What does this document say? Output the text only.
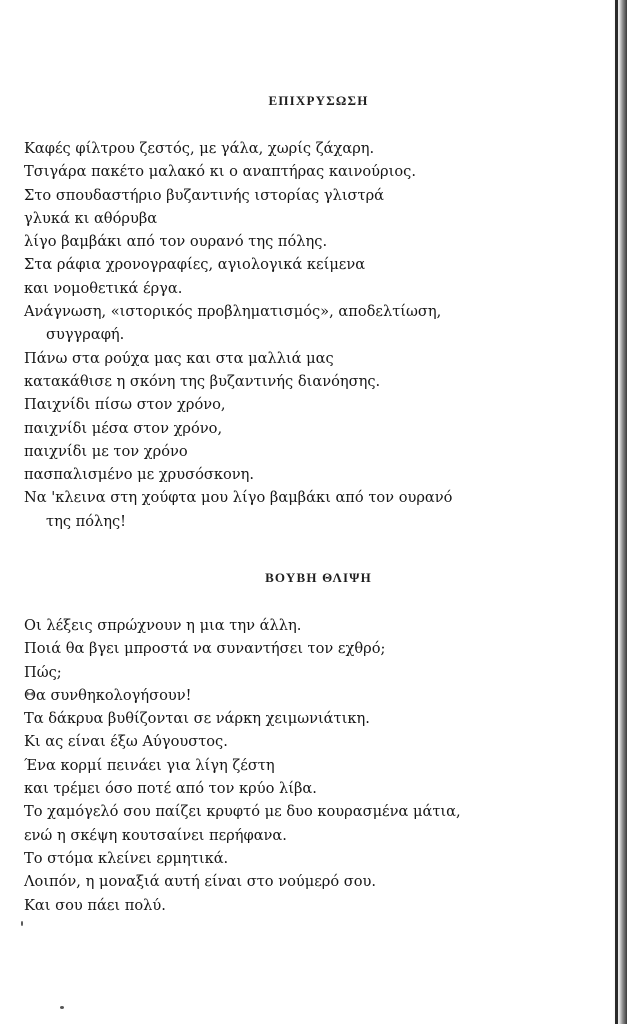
ΕΠΙΧΡΥΣΩΣΗ
Καφές φίλτρου ζεστός, με γάλα, χωρίς ζάχαρη.
Τσιγάρα πακέτο μαλακό κι ο αναπτήρας καινούριος.
Στο σπουδαστήριο βυζαντινής ιστορίας γλιστρά
γλυκά κι αθόρυβα
λίγο βαμβάκι από τον ουρανό της πόλης.
Στα ράφια χρονογραφίες, αγιολογικά κείμενα
και νομοθετικά έργα.
Ανάγνωση, «ιστορικός προβληματισμός», αποδελτίωση,
συγγραφή.
Πάνω στα ρούχα μας και στα μαλλιά μας
κατακάθισε η σκόνη της βυζαντινής διανόησης.
Παιχνίδι πίσω στον χρόνο,
παιχνίδι μέσα στον χρόνο,
παιχνίδι με τον χρόνο
πασπαλισμένο με χρυσόσκονη.
Να 'κλεινα στη χούφτα μου λίγο βαμβάκι από τον ουρανό
της πόλης!
ΒΟΥΒΗ ΘΛΙΨΗ
Οι λέξεις σπρώχνουν η μια την άλλη.
Ποιά θα βγει μπροστά να συναντήσει τον εχθρό;
Πώς;
Θα συνθηκολογήσουν!
Τα δάκρυα βυθίζονται σε νάρκη χειμωνιάτικη.
Κι ας είναι έξω Αύγουστος.
Ένα κορμί πεινάει για λίγη ζέστη
και τρέμει όσο ποτέ από τον κρύο λίβα.
Το χαμόγελό σου παίζει κρυφτό με δυο κουρασμένα μάτια,
ενώ η σκέψη κουτσαίνει περήφανα.
Το στόμα κλείνει ερμητικά.
Λοιπόν, η μοναξιά αυτή είναι στο νούμερό σου.
Και σου πάει πολύ.
